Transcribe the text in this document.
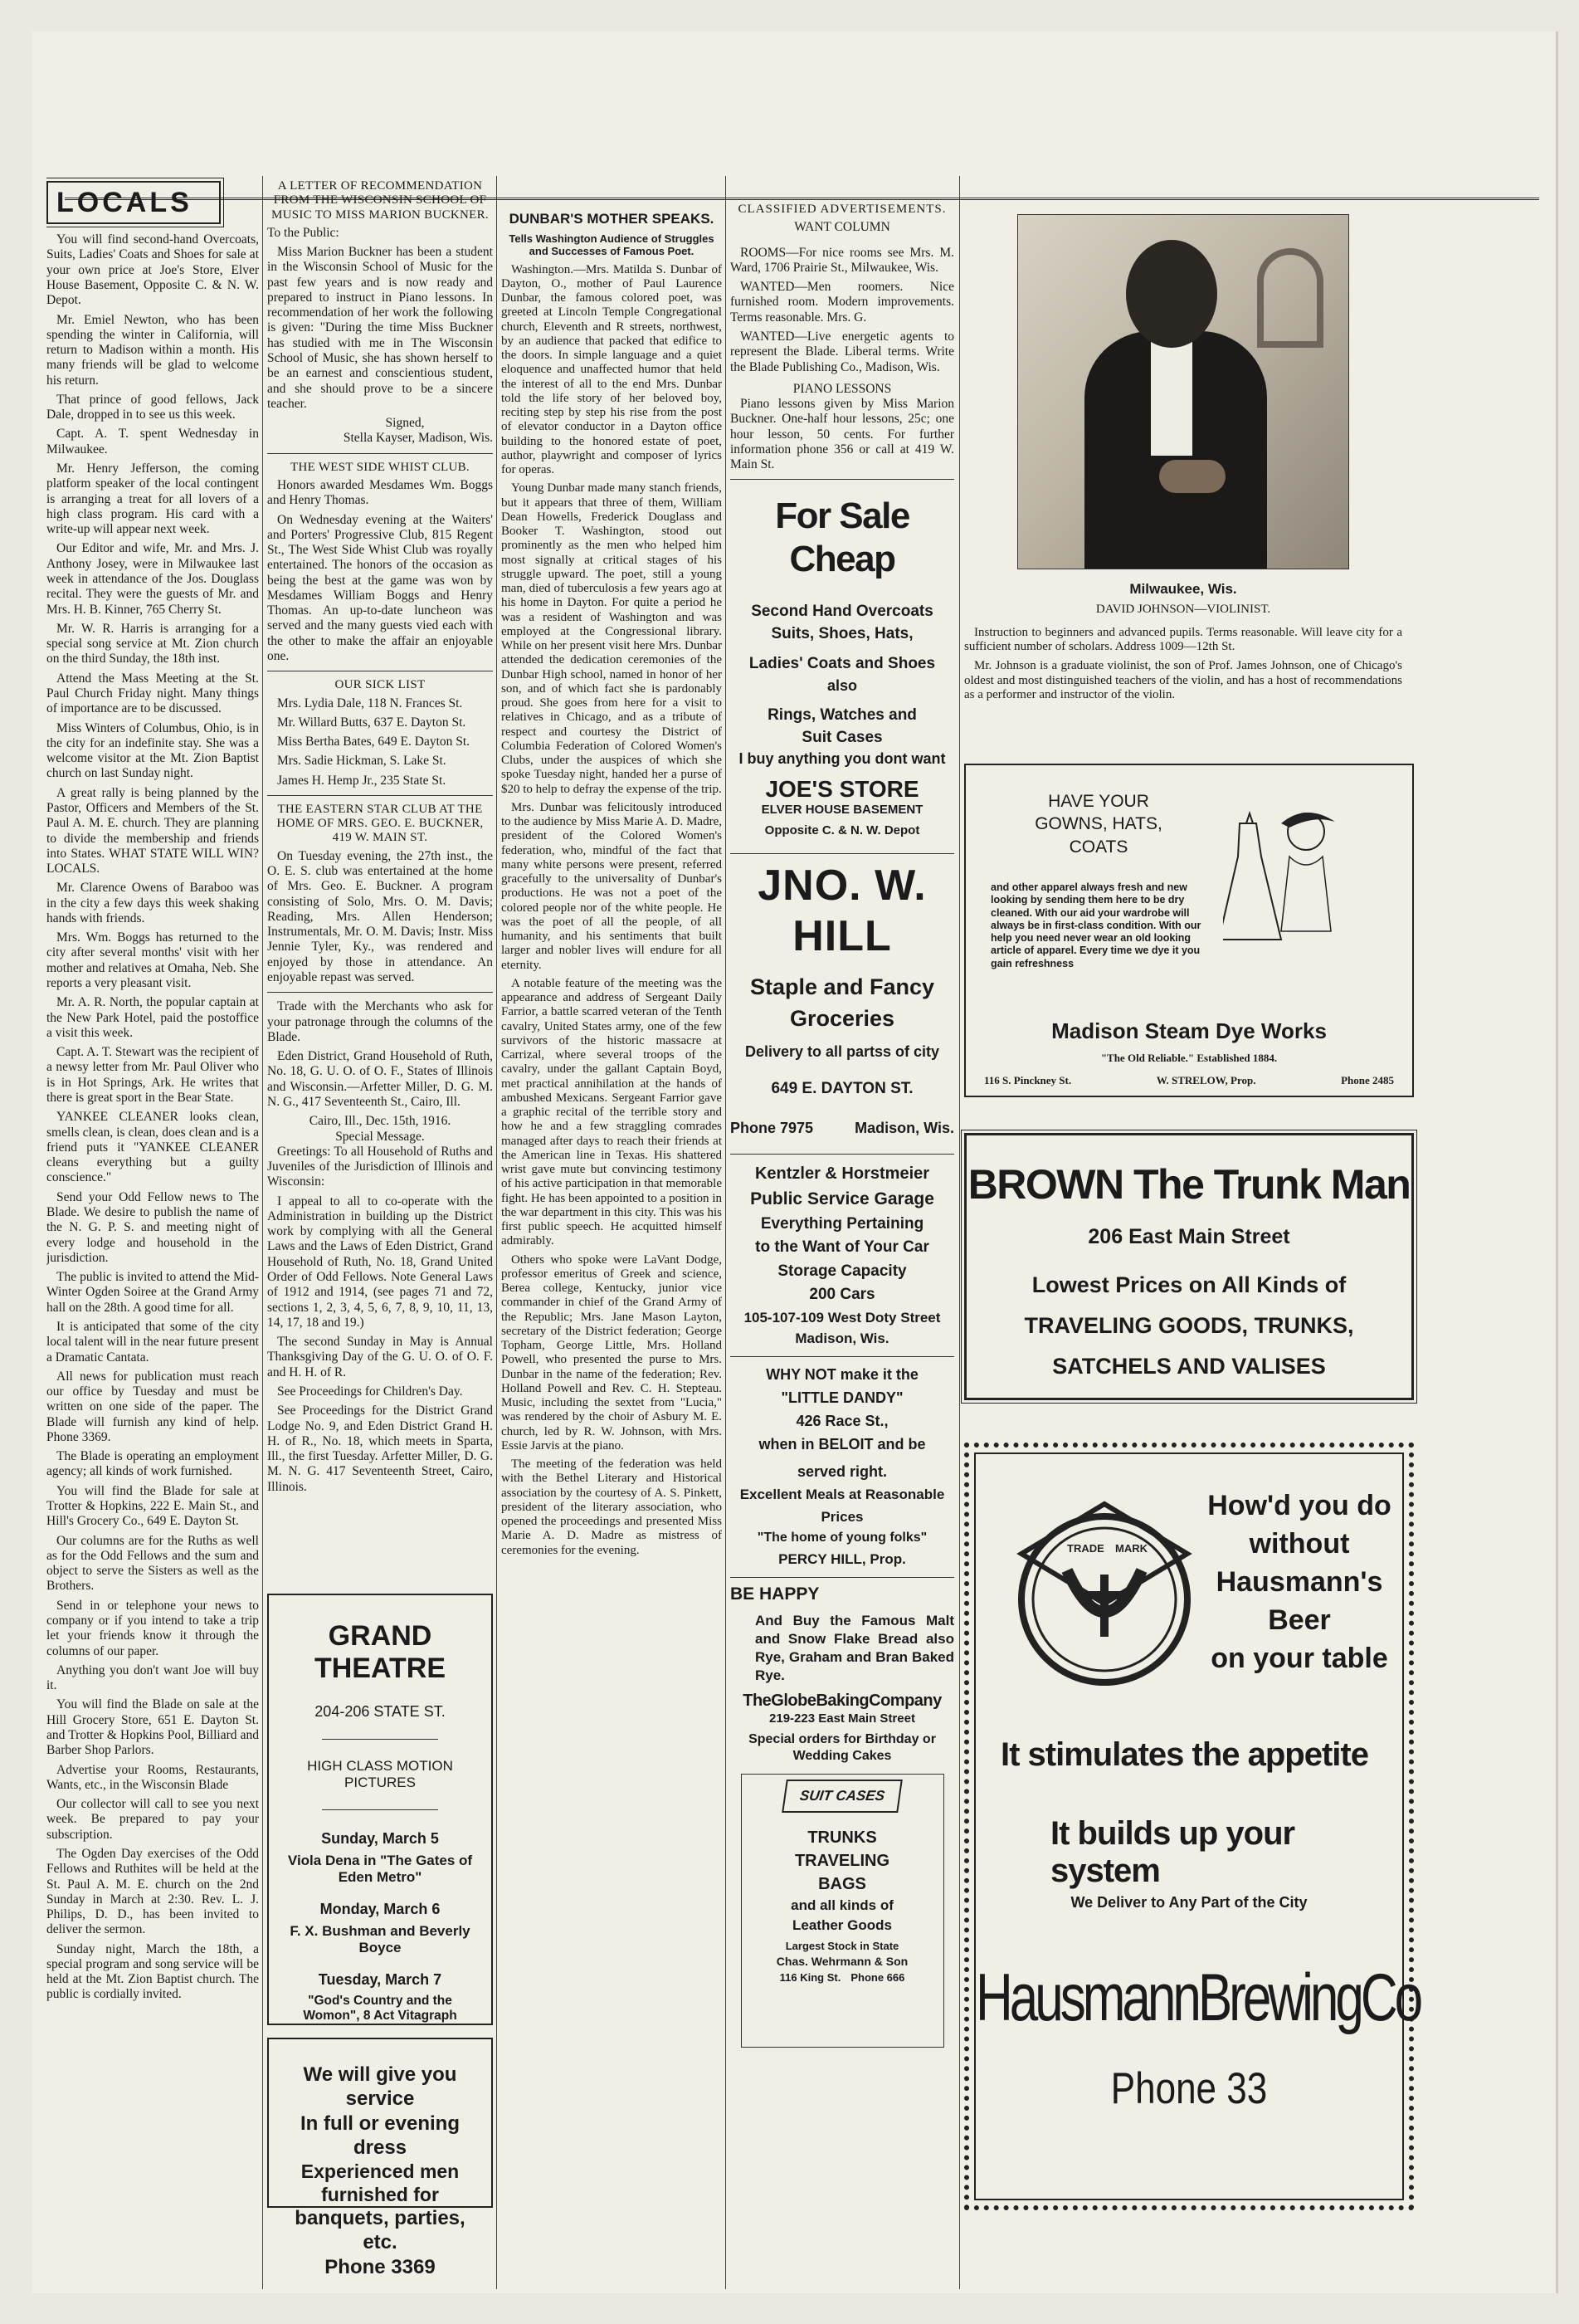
LOCALS

You will find second-hand Overcoats, Suits, Ladies' Coats and Shoes for sale at your own price at Joe's Store, Elver House Basement, Opposite C. & N. W. Depot.

Mr. Emiel Newton, who has been spending the winter in California, will return to Madison within a month. His many friends will be glad to welcome his return.

That prince of good fellows, Jack Dale, dropped in to see us this week.

Capt. A. T. spent Wednesday in Milwaukee.

Mr. Henry Jefferson, the coming platform speaker of the local contingent is arranging a treat for all lovers of a high class program. His card with a write-up will appear next week.

Our Editor and wife, Mr. and Mrs. J. Anthony Josey, were in Milwaukee last week in attendance of the Jos. Douglass recital. They were the guests of Mr. and Mrs. H. B. Kinner, 765 Cherry St.

Mr. W. R. Harris is arranging for a special song service at Mt. Zion church on the third Sunday, the 18th inst.

Attend the Mass Meeting at the St. Paul Church Friday night. Many things of importance are to be discussed.

Miss Winters of Columbus, Ohio, is in the city for an indefinite stay. She was a welcome visitor at the Mt. Zion Baptist church on last Sunday night.

A great rally is being planned by the Pastor, Officers and Members of the St. Paul A. M. E. church. They are planning to divide the membership and friends into States. WHAT STATE WILL WIN? LOCALS.

Mr. Clarence Owens of Baraboo was in the city a few days this week shaking hands with friends.

Mrs. Wm. Boggs has returned to the city after several months' visit with her mother and relatives at Omaha, Neb. She reports a very pleasant visit.

Mr. A. R. North, the popular captain at the New Park Hotel, paid the postoffice a visit this week.

Capt. A. T. Stewart was the recipient of a newsy letter from Mr. Paul Oliver who is in Hot Springs, Ark. He writes that there is great sport in the Bear State.

YANKEE CLEANER looks clean, smells clean, is clean, does clean and is a friend puts it "YANKEE CLEANER cleans everything but a guilty conscience."

Send your Odd Fellow news to The Blade. We desire to publish the name of the N. G. P. S. and meeting night of every lodge and household in the jurisdiction.

The public is invited to attend the Mid-Winter Ogden Soiree at the Grand Army hall on the 28th. A good time for all.

It is anticipated that some of the city local talent will in the near future present a Dramatic Cantata.

All news for publication must reach our office by Tuesday and must be written on one side of the paper. The Blade will furnish any kind of help. Phone 3369.

The Blade is operating an employment agency; all kinds of work furnished.

You will find the Blade for sale at Trotter & Hopkins, 222 E. Main St., and Hill's Grocery Co., 649 E. Dayton St.

Our columns are for the Ruths as well as for the Odd Fellows and the sum and object to serve the Sisters as well as the Brothers.

Send in or telephone your news to company or if you intend to take a trip let your friends know it through the columns of our paper.

Anything you don't want Joe will buy it.

You will find the Blade on sale at the Hill Grocery Store, 651 E. Dayton St. and Trotter & Hopkins Pool, Billiard and Barber Shop Parlors.

Advertise your Rooms, Restaurants, Wants, etc., in the Wisconsin Blade

Our collector will call to see you next week. Be prepared to pay your subscription.

The Ogden Day exercises of the Odd Fellows and Ruthites will be held at the St. Paul A. M. E. church on the 2nd Sunday in March at 2:30. Rev. L. J. Philips, D. D., has been invited to deliver the sermon.

Sunday night, March the 18th, a special program and song service will be held at the Mt. Zion Baptist church. The public is cordially invited.

A LETTER OF RECOMMENDATION FROM THE WISCONSIN SCHOOL OF MUSIC TO MISS MARION BUCKNER.
To the Public:

Miss Marion Buckner has been a student in the Wisconsin School of Music for the past few years and is now ready and prepared to instruct in Piano lessons. In recommendation of her work the following is given: "During the time Miss Buckner has studied with me in The Wisconsin School of Music, she has shown herself to be an earnest and conscientious student, and she should prove to be a sincere teacher.

Signed,
Stella Kayser, Madison, Wis.
THE WEST SIDE WHIST CLUB.

Honors awarded Mesdames Wm. Boggs and Henry Thomas.

On Wednesday evening at the Waiters' and Porters' Progressive Club, 815 Regent St., The West Side Whist Club was royally entertained. The honors of the occasion as being the best at the game was won by Mesdames William Boggs and Henry Thomas. An up-to-date luncheon was served and the many guests vied each with the other to make the affair an enjoyable one.

OUR SICK LIST

Mrs. Lydia Dale, 118 N. Frances St.

Mr. Willard Butts, 637 E. Dayton St.

Miss Bertha Bates, 649 E. Dayton St.

Mrs. Sadie Hickman, S. Lake St.

James H. Hemp Jr., 235 State St.

THE EASTERN STAR CLUB AT THE HOME OF MRS. GEO. E. BUCKNER, 419 W. MAIN ST.

On Tuesday evening, the 27th inst., the O. E. S. club was entertained at the home of Mrs. Geo. E. Buckner. A program consisting of Solo, Mrs. O. M. Davis; Reading, Mrs. Allen Henderson; Instrumentals, Mr. O. M. Davis; Instr. Miss Jennie Tyler, Ky., was rendered and enjoyed by those in attendance. An enjoyable repast was served.

Trade with the Merchants who ask for your patronage through the columns of the Blade.

Eden District, Grand Household of Ruth, No. 18, G. U. O. of O. F., States of Illinois and Wisconsin.—Arfetter Miller, D. G. M. N. G., 417 Seventeenth St., Cairo, Ill.

Cairo, Ill., Dec. 15th, 1916.
Special Message.

Greetings: To all Household of Ruths and Juveniles of the Jurisdiction of Illinois and Wisconsin:

I appeal to all to co-operate with the Administration in building up the District work by complying with all the General Laws and the Laws of Eden District, Grand Household of Ruth, No. 18, Grand United Order of Odd Fellows. Note General Laws of 1912 and 1914, (see pages 71 and 72, sections 1, 2, 3, 4, 5, 6, 7, 8, 9, 10, 11, 13, 14, 17, 18 and 19.)

The second Sunday in May is Annual Thanksgiving Day of the G. U. O. of O. F. and H. H. of R.

See Proceedings for Children's Day.

See Proceedings for the District Grand Lodge No. 9, and Eden District Grand H. H. of R., No. 18, which meets in Sparta, Ill., the first Tuesday. Arfetter Miller, D. G. M. N. G. 417 Seventeenth Street, Cairo, Illinois.

GRAND THEATRE
204-206 STATE ST.
HIGH CLASS MOTION PICTURES
Sunday, March 5
Viola Dena in "The Gates of Eden Metro"
Monday, March 6
F. X. Bushman and Beverly Boyce
Tuesday, March 7
"God's Country and the Womon", 8 Act Vitagraph
We will give you service
In full or evening dress
Experienced men furnished for
banquets, parties, etc.
Phone 3369
DUNBAR'S MOTHER SPEAKS.
Tells Washington Audience of Struggles and Successes of Famous Poet.

Washington.—Mrs. Matilda S. Dunbar of Dayton, O., mother of Paul Laurence Dunbar, the famous colored poet, was greeted at Lincoln Temple Congregational church, Eleventh and R streets, northwest, by an audience that packed that edifice to the doors. In simple language and a quiet eloquence and unaffected humor that held the interest of all to the end Mrs. Dunbar told the life story of her beloved boy, reciting step by step his rise from the post of elevator conductor in a Dayton office building to the honored estate of poet, author, playwright and composer of lyrics for operas.

Young Dunbar made many stanch friends, but it appears that three of them, William Dean Howells, Frederick Douglass and Booker T. Washington, stood out prominently as the men who helped him most signally at critical stages of his struggle upward. The poet, still a young man, died of tuberculosis a few years ago at his home in Dayton. For quite a period he was a resident of Washington and was employed at the Congressional library. While on her present visit here Mrs. Dunbar attended the dedication ceremonies of the Dunbar High school, named in honor of her son, and of which fact she is pardonably proud. She goes from here for a visit to relatives in Chicago, and as a tribute of respect and courtesy the District of Columbia Federation of Colored Women's Clubs, under the auspices of which she spoke Tuesday night, handed her a purse of $20 to help to defray the expense of the trip.

Mrs. Dunbar was felicitously introduced to the audience by Miss Marie A. D. Madre, president of the Colored Women's federation, who, mindful of the fact that many white persons were present, referred gracefully to the universality of Dunbar's productions. He was not a poet of the colored people nor of the white people. He was the poet of all the people, of all humanity, and his sentiments that built larger and nobler lives will endure for all eternity.

A notable feature of the meeting was the appearance and address of Sergeant Daily Farrior, a battle scarred veteran of the Tenth cavalry, United States army, one of the few survivors of the historic massacre at Carrizal, where several troops of the cavalry, under the gallant Captain Boyd, met practical annihilation at the hands of ambushed Mexicans. Sergeant Farrior gave a graphic recital of the terrible story and how he and a few straggling comrades managed after days to reach their friends at the American line in Texas. His shattered wrist gave mute but convincing testimony of his active participation in that memorable fight. He has been appointed to a position in the war department in this city. This was his first public speech. He acquitted himself admirably.

Others who spoke were LaVant Dodge, professor emeritus of Greek and science, Berea college, Kentucky, junior vice commander in chief of the Grand Army of the Republic; Mrs. Jane Mason Layton, secretary of the District federation; George Topham, George Little, Mrs. Holland Powell, who presented the purse to Mrs. Dunbar in the name of the federation; Rev. Holland Powell and Rev. C. H. Stepteau. Music, including the sextet from "Lucia," was rendered by the choir of Asbury M. E. church, led by R. W. Johnson, with Mrs. Essie Jarvis at the piano.

The meeting of the federation was held with the Bethel Literary and Historical association by the courtesy of A. S. Pinkett, president of the literary association, who opened the proceedings and presented Miss Marie A. D. Madre as mistress of ceremonies for the evening.

CLASSIFIED ADVERTISEMENTS.
WANT COLUMN

ROOMS—For nice rooms see Mrs. M. Ward, 1706 Prairie St., Milwaukee, Wis.

WANTED—Men roomers. Nice furnished room. Modern improvements. Terms reasonable. Mrs. G.

WANTED—Live energetic agents to represent the Blade. Liberal terms. Write the Blade Publishing Co., Madison, Wis.

PIANO LESSONS

Piano lessons given by Miss Marion Buckner. One-half hour lessons, 25c; one hour lesson, 50 cents. For further information phone 356 or call at 419 W. Main St.

For Sale Cheap
Second Hand Overcoats
Suits, Shoes, Hats,
Ladies' Coats and Shoes
also
Rings, Watches and
Suit Cases
I buy anything you dont want
JOE'S STORE
ELVER HOUSE BASEMENT
Opposite C. & N. W. Depot
JNO. W. HILL
Staple and Fancy
Groceries
Delivery to all partss of city
649 E. DAYTON ST.
Phone 7975	Madison, Wis.
Kentzler & Horstmeier
Public Service Garage
Everything Pertaining
to the Want of Your Car
Storage Capacity
200 Cars
105-107-109 West Doty Street
Madison, Wis.
WHY NOT make it the
"LITTLE DANDY"
426 Race St.,
when in BELOIT and be
served right.
Excellent Meals at Reasonable Prices
"The home of young folks"
PERCY HILL, Prop.
BE HAPPY
And Buy the Famous Malt and Snow Flake Bread also Rye, Graham and Bran Baked Rye.
TheGlobeBakingCompany
219-223 East Main Street
Special orders for Birthday or Wedding Cakes
SUIT CASES
TRUNKS
TRAVELING
BAGS
and all kinds of
Leather Goods
Largest Stock in State
Chas. Wehrmann & Son
116 King St. Phone 666
Milwaukee, Wis.
DAVID JOHNSON—VIOLINIST.

Instruction to beginners and advanced pupils. Terms reasonable. Will leave city for a sufficient number of scholars. Address 1009—12th St.

Mr. Johnson is a graduate violinist, the son of Prof. James Johnson, one of Chicago's oldest and most distinguished teachers of the violin, and has a host of recommendations as a performer and instructor of the violin.

HAVE YOUR
GOWNS, HATS,
COATS
and other apparel always fresh and new looking by sending them here to be dry cleaned. With our aid your wardrobe will always be in first-class condition. With our help you need never wear an old looking article of apparel. Every time we dye it you gain refreshness
Madison Steam Dye Works
"The Old Reliable." Established 1884.
116 S. Pinckney St.	W. STRELOW, Prop.	Phone 2485
BROWN The Trunk Man
206 East Main Street
Lowest Prices on All Kinds of
TRAVELING GOODS, TRUNKS,
SATCHELS AND VALISES
TRADE MARK
How'd you do
without
Hausmann's
Beer
on your table
It stimulates the appetite
It builds up your system
We Deliver to Any Part of the City
HausmannBrewingCo
Phone 33
